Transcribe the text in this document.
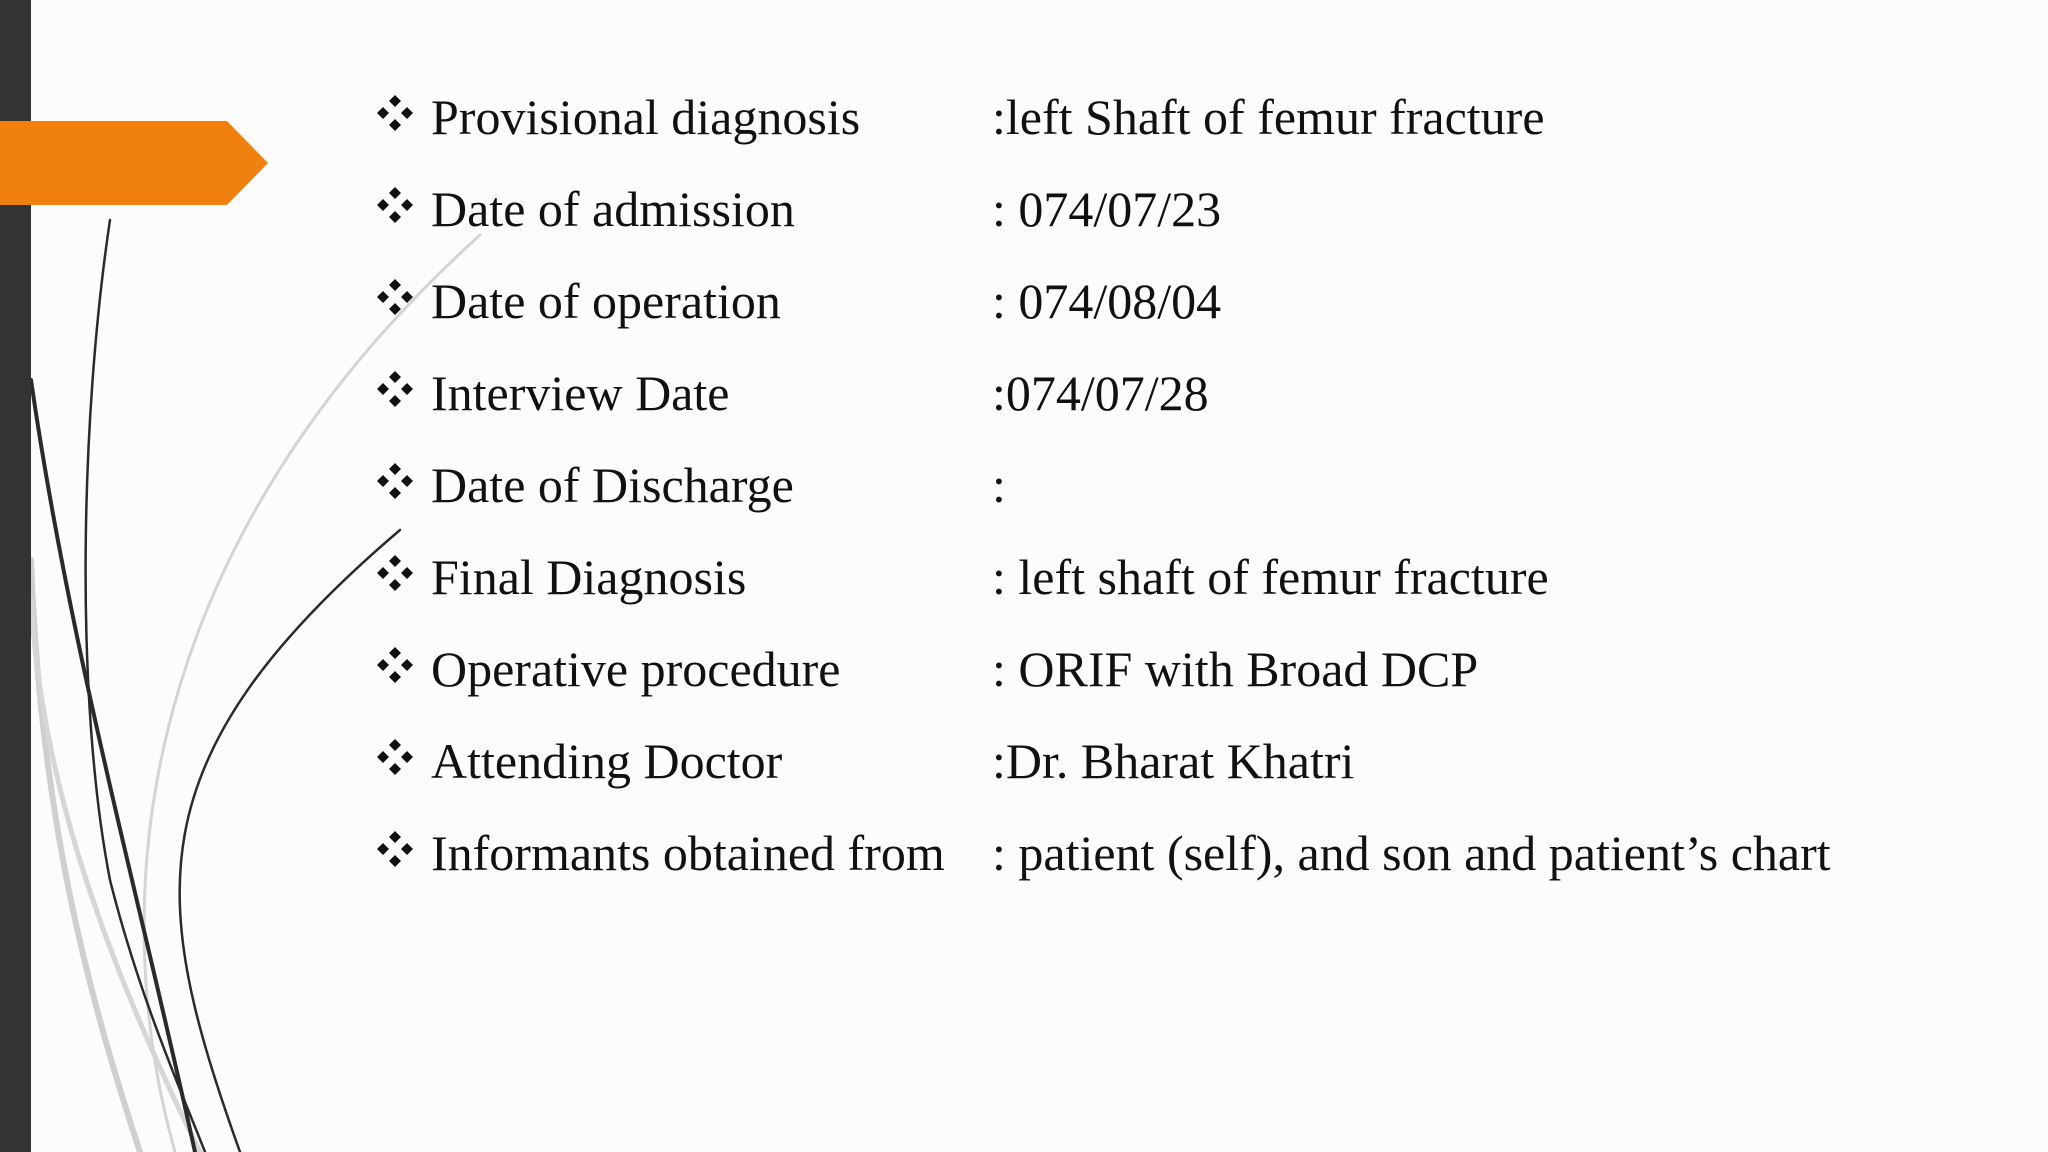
Provisional diagnosis	:left Shaft of femur fracture
Date of admission	: 074/07/23
Date of operation	: 074/08/04
Interview Date	:074/07/28
Date of Discharge	:
Final Diagnosis	: left shaft of femur fracture
Operative procedure	: ORIF with Broad DCP
Attending Doctor	:Dr. Bharat Khatri
Informants obtained from : patient (self), and son and patient’s chart
